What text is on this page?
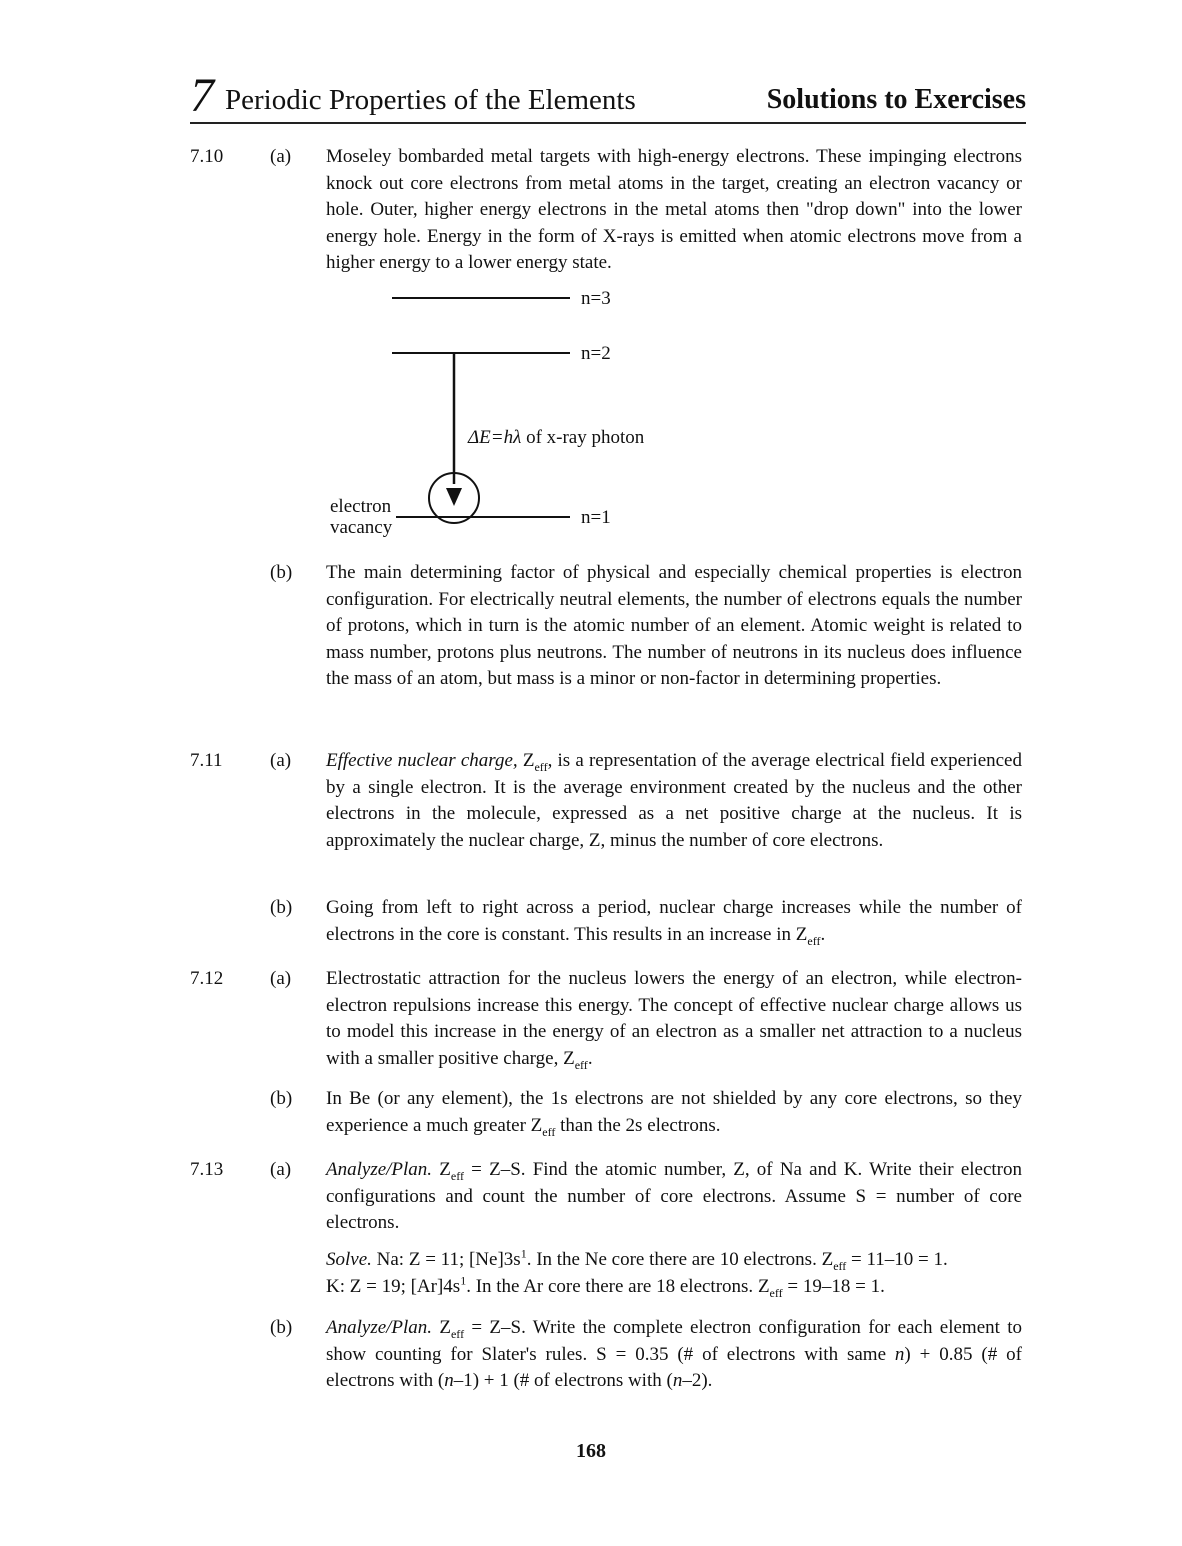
7 Periodic Properties of the Elements	Solutions to Exercises
7.10 (a) Moseley bombarded metal targets with high-energy electrons. These impinging electrons knock out core electrons from metal atoms in the target, creating an electron vacancy or hole. Outer, higher energy electrons in the metal atoms then "drop down" into the lower energy hole. Energy in the form of X-rays is emitted when atomic electrons move from a higher energy to a lower energy state.
n=3
n=2
n=1
ΔE=hλ of x-ray photon
electron
vacancy
(b) The main determining factor of physical and especially chemical properties is electron configuration. For electrically neutral elements, the number of electrons equals the number of protons, which in turn is the atomic number of an element. Atomic weight is related to mass number, protons plus neutrons. The number of neutrons in its nucleus does influence the mass of an atom, but mass is a minor or non-factor in determining properties.
7.11 (a) Effective nuclear charge, $Z_{eff}$, is a representation of the average electrical field experienced by a single electron. It is the average environment created by the nucleus and the other electrons in the molecule, expressed as a net positive charge at the nucleus. It is approximately the nuclear charge, Z, minus the number of core electrons.
(b) Going from left to right across a period, nuclear charge increases while the number of electrons in the core is constant. This results in an increase in $Z_{eff}$.
7.12 (a) Electrostatic attraction for the nucleus lowers the energy of an electron, while electron-electron repulsions increase this energy. The concept of effective nuclear charge allows us to model this increase in the energy of an electron as a smaller net attraction to a nucleus with a smaller positive charge, $Z_{eff}$.
(b) In Be (or any element), the 1s electrons are not shielded by any core electrons, so they experience a much greater $Z_{eff}$ than the 2s electrons.
7.13 (a) Analyze/Plan. $Z_{eff} = Z-S$. Find the atomic number, Z, of Na and K. Write their electron configurations and count the number of core electrons. Assume S = number of core electrons.
Solve. Na: Z = 11; $[Ne]3s^1$. In the Ne core there are 10 electrons. $Z_{eff} = 11-10 = 1$.
K: Z = 19; $[Ar]4s^1$. In the Ar core there are 18 electrons. $Z_{eff} = 19-18 = 1$.
(b) Analyze/Plan. $Z_{eff} = Z-S$. Write the complete electron configuration for each element to show counting for Slater's rules. S = 0.35 (# of electrons with same n) + 0.85 (# of electrons with (n–1) + 1 (# of electrons with (n–2).
168
